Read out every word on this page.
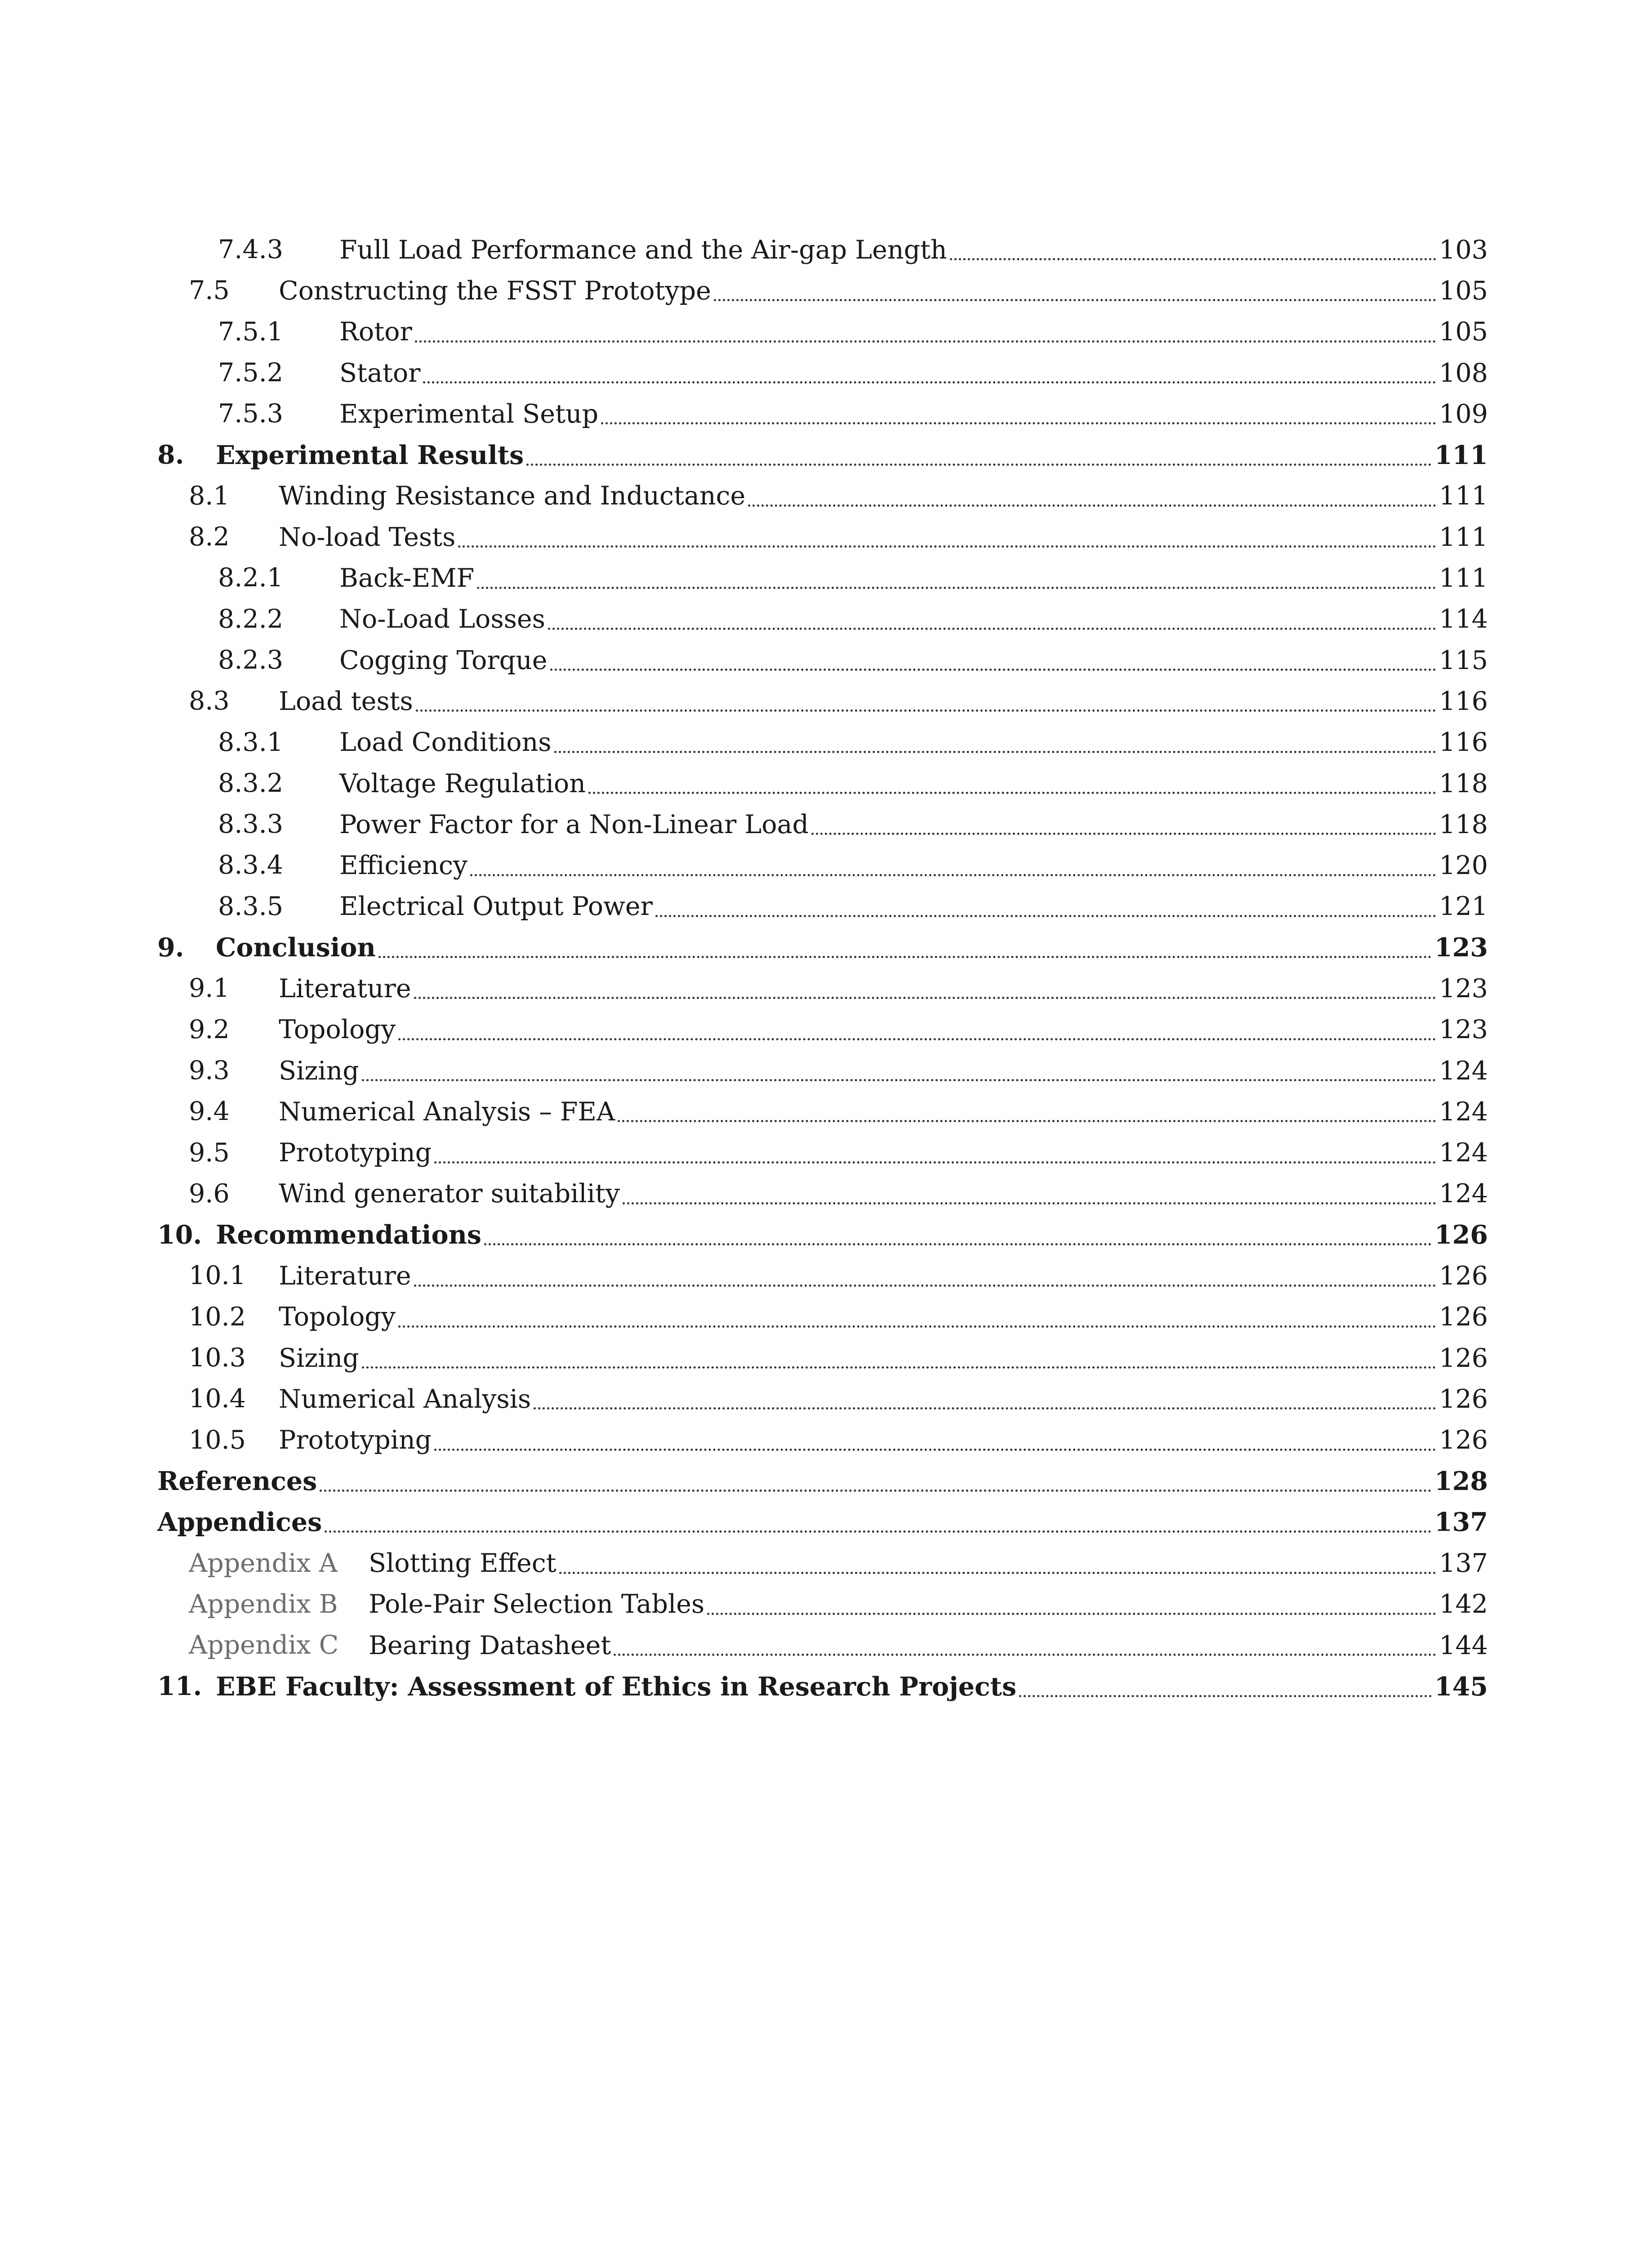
7.4.3 Full Load Performance and the Air-gap Length	103
7.5 Constructing the FSST Prototype	105
7.5.1 Rotor	105
7.5.2 Stator	108
7.5.3 Experimental Setup	109
8. Experimental Results	111
8.1 Winding Resistance and Inductance	111
8.2 No-load Tests	111
8.2.1 Back-EMF	111
8.2.2 No-Load Losses	114
8.2.3 Cogging Torque	115
8.3 Load tests	116
8.3.1 Load Conditions	116
8.3.2 Voltage Regulation	118
8.3.3 Power Factor for a Non-Linear Load	118
8.3.4 Efficiency	120
8.3.5 Electrical Output Power	121
9. Conclusion	123
9.1 Literature	123
9.2 Topology	123
9.3 Sizing	124
9.4 Numerical Analysis – FEA	124
9.5 Prototyping	124
9.6 Wind generator suitability	124
10. Recommendations	126
10.1 Literature	126
10.2 Topology	126
10.3 Sizing	126
10.4 Numerical Analysis	126
10.5 Prototyping	126
References	128
Appendices	137
Appendix A Slotting Effect	137
Appendix B Pole-Pair Selection Tables	142
Appendix C Bearing Datasheet	144
11. EBE Faculty: Assessment of Ethics in Research Projects	145
